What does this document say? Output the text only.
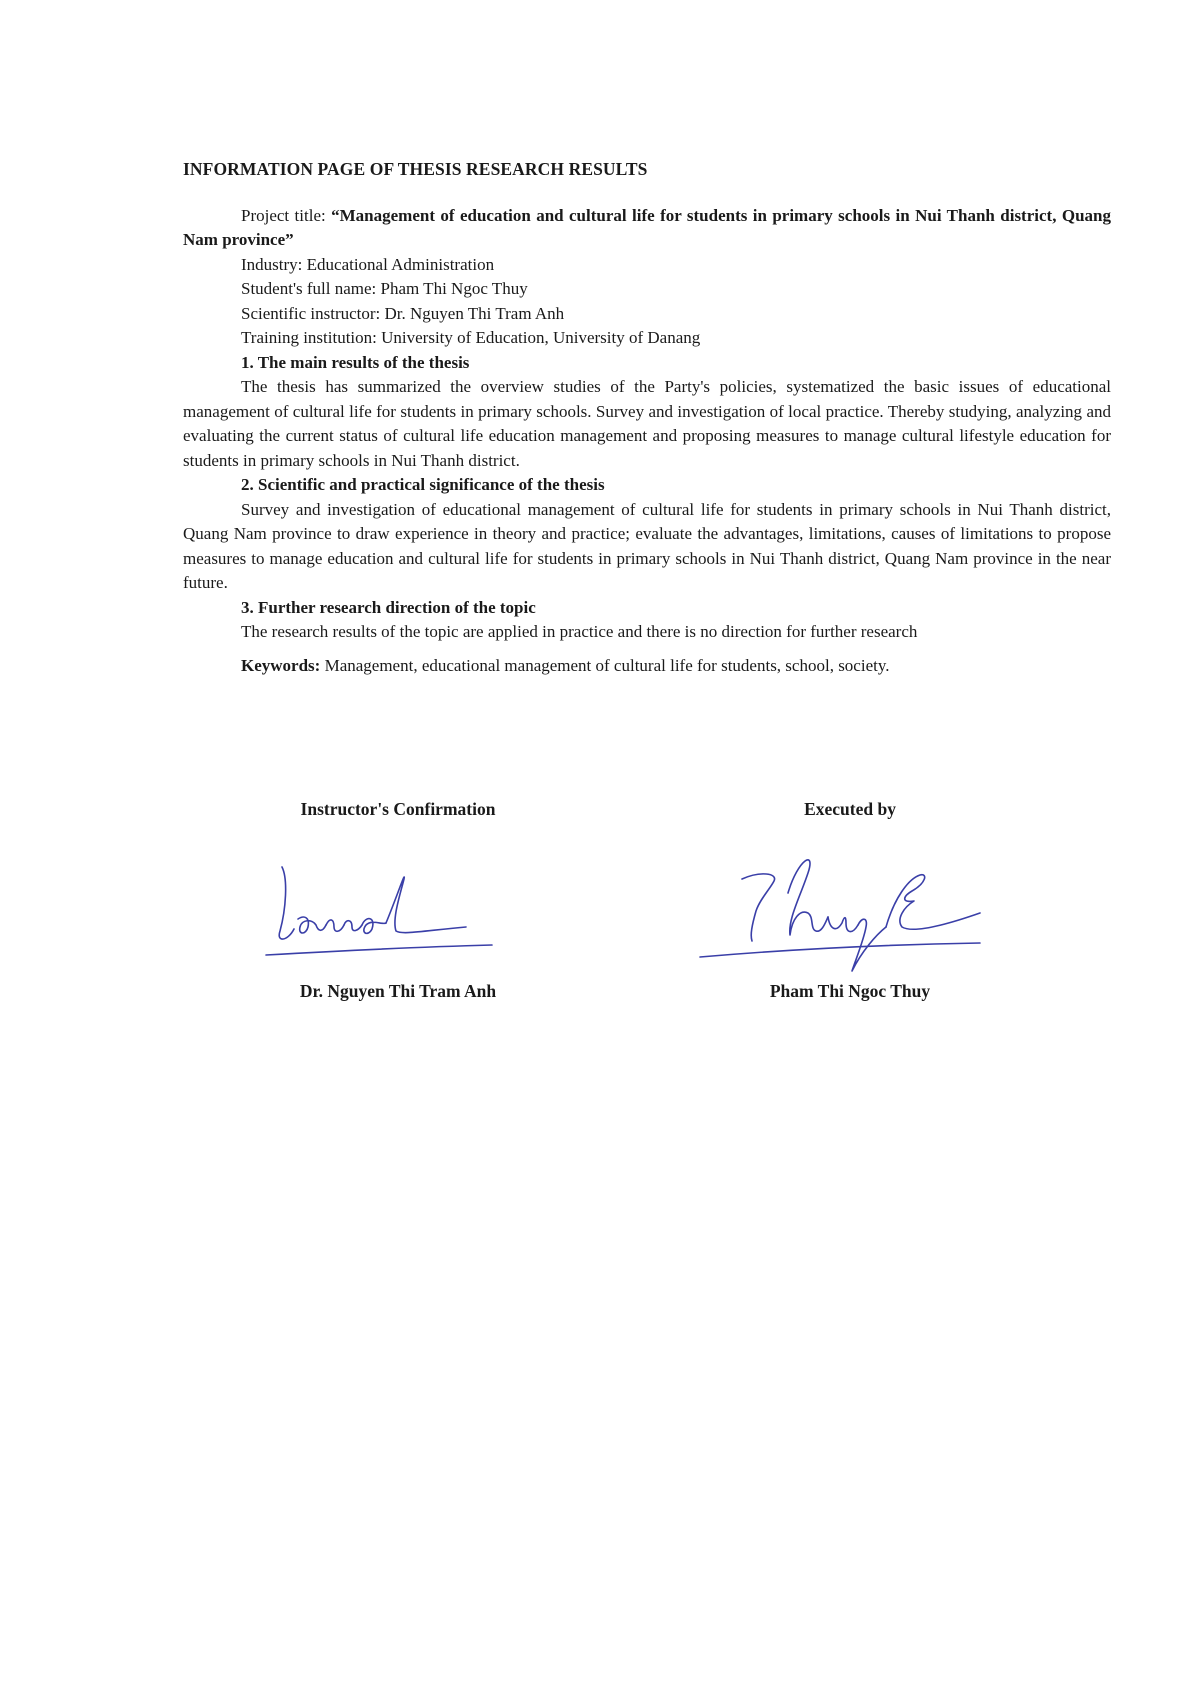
INFORMATION PAGE OF THESIS RESEARCH RESULTS

Project title: “Management of education and cultural life for students in primary schools in Nui Thanh district, Quang Nam province”

Industry: Educational Administration

Student's full name: Pham Thi Ngoc Thuy

Scientific instructor: Dr. Nguyen Thi Tram Anh

Training institution: University of Education, University of Danang

1. The main results of the thesis

The thesis has summarized the overview studies of the Party's policies, systematized the basic issues of educational management of cultural life for students in primary schools. Survey and investigation of local practice. Thereby studying, analyzing and evaluating the current status of cultural life education management and proposing measures to manage cultural lifestyle education for students in primary schools in Nui Thanh district.

2. Scientific and practical significance of the thesis

Survey and investigation of educational management of cultural life for students in primary schools in Nui Thanh district, Quang Nam province to draw experience in theory and practice; evaluate the advantages, limitations, causes of limitations to propose measures to manage education and cultural life for students in primary schools in Nui Thanh district, Quang Nam province in the near future.

3. Further research direction of the topic

The research results of the topic are applied in practice and there is no direction for further research

Keywords: Management, educational management of cultural life for students, school, society.

Instructor's Confirmation
Dr. Nguyen Thi Tram Anh
Executed by
Pham Thi Ngoc Thuy
